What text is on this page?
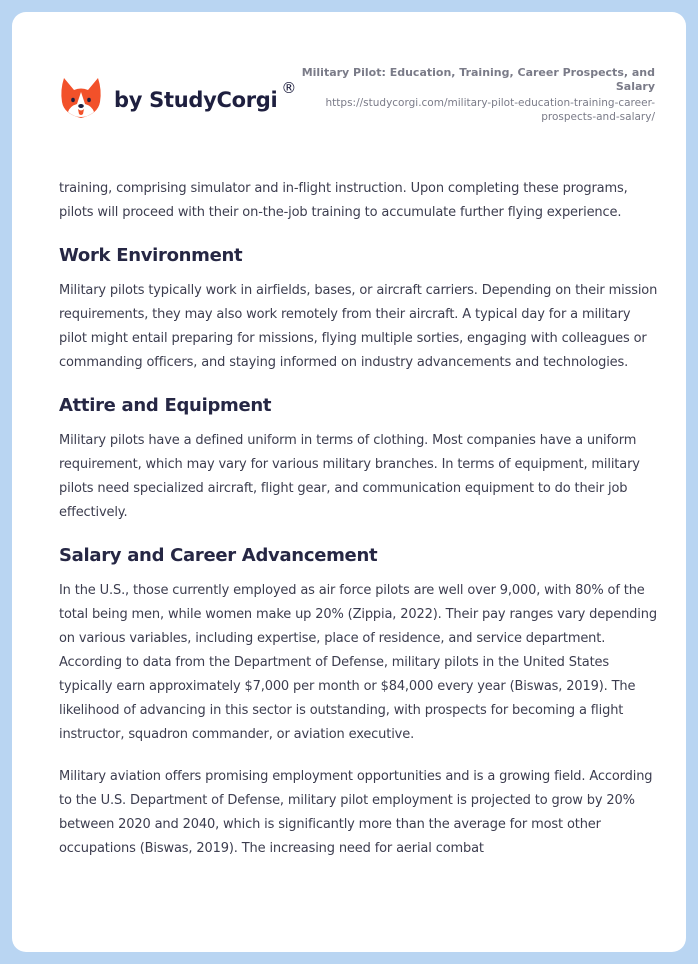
by StudyCorgi ®
Military Pilot: Education, Training, Career Prospects, and Salary
https://studycorgi.com/military-pilot-education-training-career-prospects-and-salary/

training, comprising simulator and in-flight instruction. Upon completing these programs, pilots will proceed with their on-the-job training to accumulate further flying experience.

Work Environment

Military pilots typically work in airfields, bases, or aircraft carriers. Depending on their mission requirements, they may also work remotely from their aircraft. A typical day for a military pilot might entail preparing for missions, flying multiple sorties, engaging with colleagues or commanding officers, and staying informed on industry advancements and technologies.

Attire and Equipment

Military pilots have a defined uniform in terms of clothing. Most companies have a uniform requirement, which may vary for various military branches. In terms of equipment, military pilots need specialized aircraft, flight gear, and communication equipment to do their job effectively.

Salary and Career Advancement

In the U.S., those currently employed as air force pilots are well over 9,000, with 80% of the total being men, while women make up 20% (Zippia, 2022). Their pay ranges vary depending on various variables, including expertise, place of residence, and service department. According to data from the Department of Defense, military pilots in the United States typically earn approximately $7,000 per month or $84,000 every year (Biswas, 2019). The likelihood of advancing in this sector is outstanding, with prospects for becoming a flight instructor, squadron commander, or aviation executive.

Military aviation offers promising employment opportunities and is a growing field. According to the U.S. Department of Defense, military pilot employment is projected to grow by 20% between 2020 and 2040, which is significantly more than the average for most other occupations (Biswas, 2019). The increasing need for aerial combat
